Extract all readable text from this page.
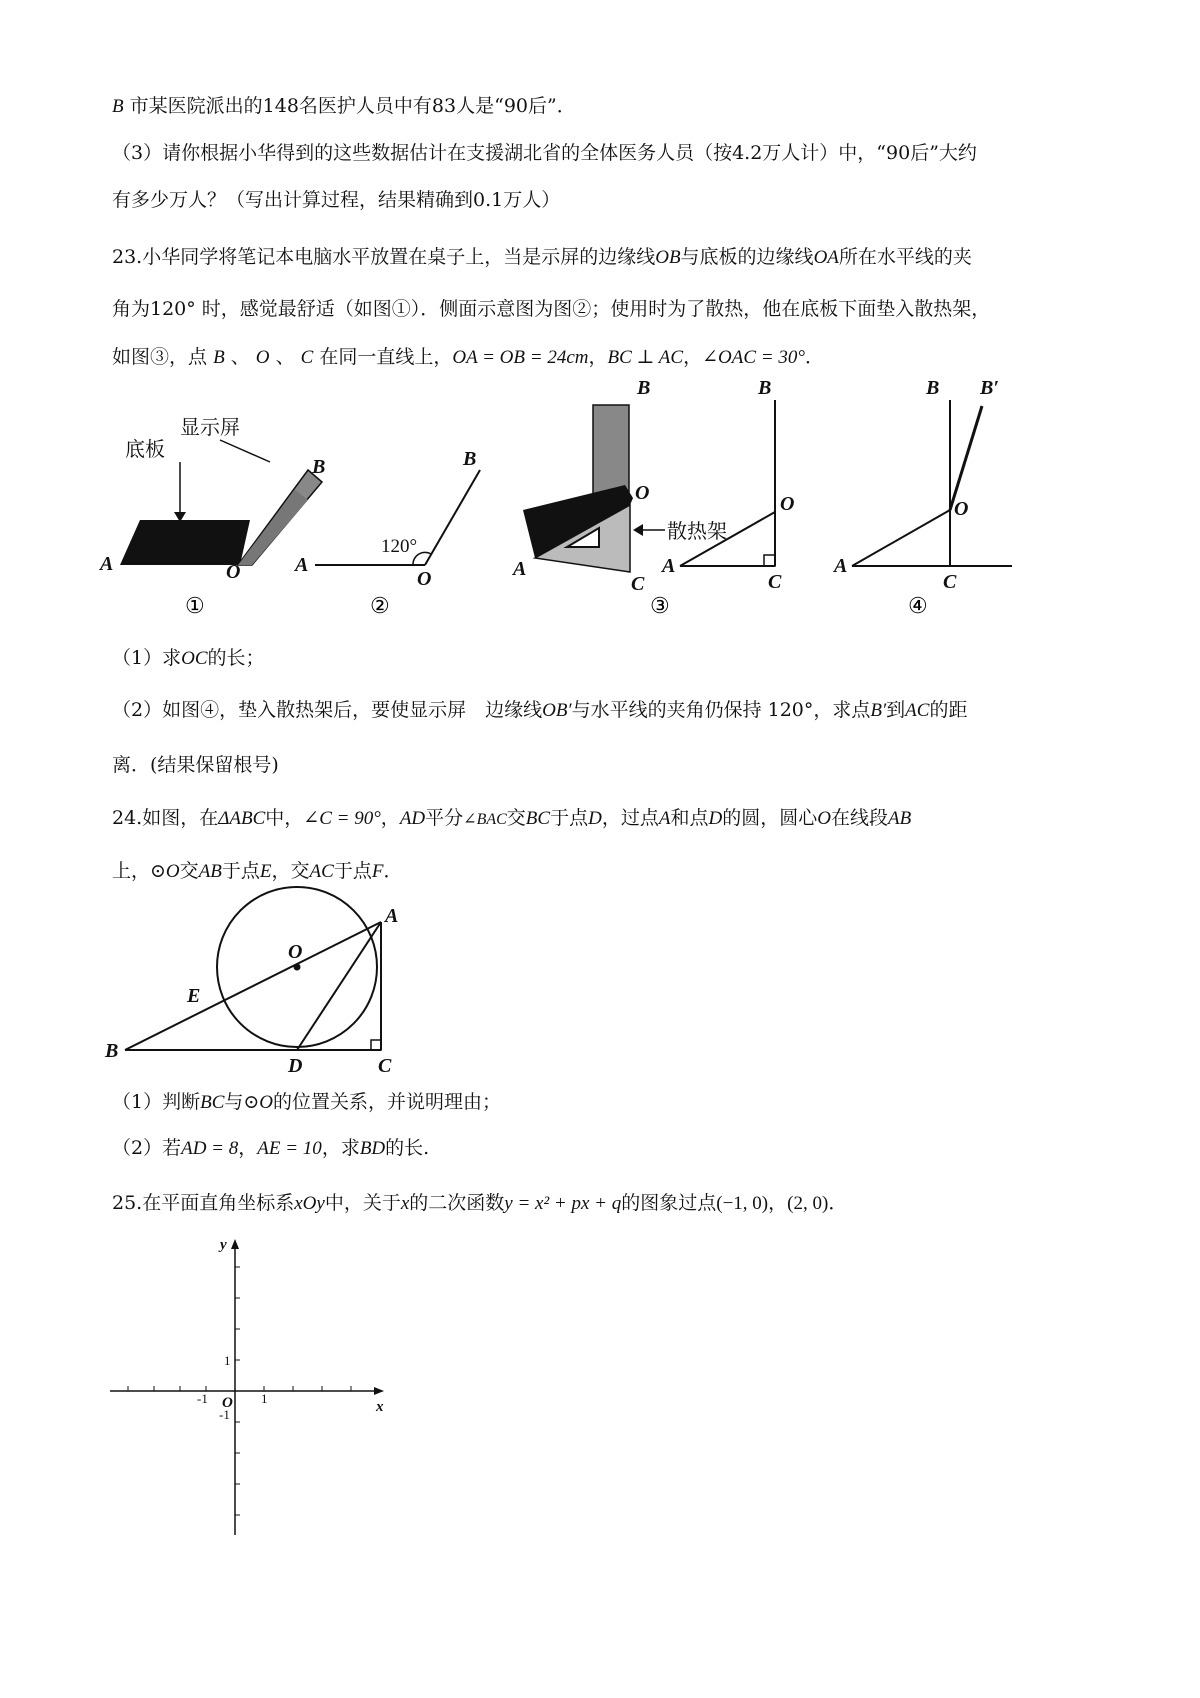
B 市某医院派出的148名医护人员中有83人是“90后”．
（3）请你根据小华得到的这些数据估计在支援湖北省的全体医务人员（按4.2万人计）中，“90后”大约
有多少万人？（写出计算过程，结果精确到0.1万人）
23.小华同学将笔记本电脑水平放置在桌子上，当是示屏的边缘线OB与底板的边缘线OA所在水平线的夹
角为120° 时，感觉最舒适（如图①）．侧面示意图为图②；使用时为了散热，他在底板下面垫入散热架，
如图③，点 B 、 O 、 C 在同一直线上，OA = OB = 24cm，BC ⊥ AC，∠OAC = 30°．
底板
显示屏
A	O
B
①
A
O
B
120°
②
散热架
B
O
A
C
B
O
A
C
③
B B′
O
A
C
④
（1）求OC的长；
（2）如图④，垫入散热架后，要使显示屏　边缘线OB′与水平线的夹角仍保持 120°，求点B′到AC的距
离．(结果保留根号)
24.如图，在ΔABC中，∠C = 90°，AD平分∠BAC交BC于点D，过点A和点D的圆，圆心O在线段AB
上，⊙O交AB于点E，交AC于点F．
A
B
C
D
E
O
（1）判断BC与⊙O的位置关系，并说明理由；
（2）若AD = 8，AE = 10，求BD的长.
25.在平面直角坐标系xOy中，关于x的二次函数y = x² + px + q的图象过点(−1, 0)，(2, 0)．
y
x
O
1
-1
-1	1
